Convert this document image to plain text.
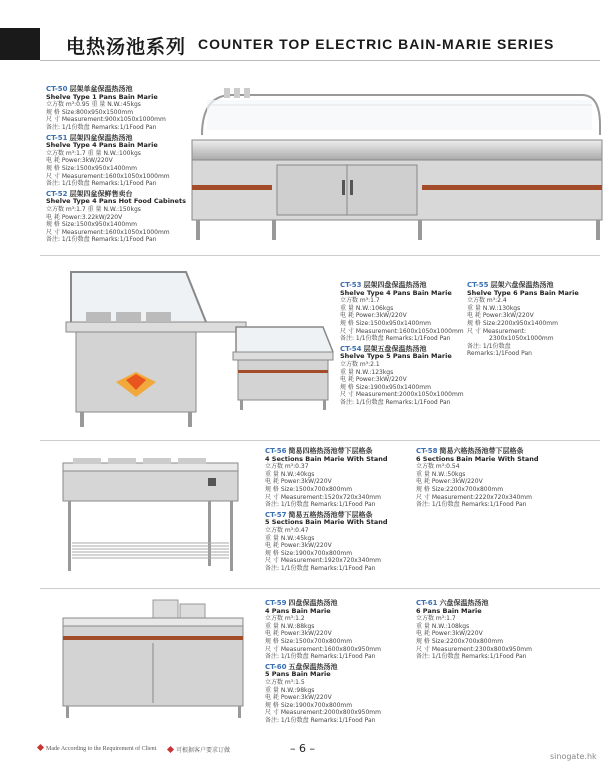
电热汤池系列 COUNTER TOP ELECTRIC BAIN-MARIE SERIES
CT-50 层架单盆保温热汤池
Shelve Type 1 Pans Bain Marie
立方数 m³:0.95 重 量 N.W.:45kgs
规 格 Size:800x950x1500mm
尺 寸 Measurement:900x1050x1000mm
备注: 1/1份数盘 Remarks:1/1Food Pan
CT-51 层架四盆保温热汤池
Shelve Type 4 Pans Bain Marie
立方数 m³:1.7 重 量 N.W.:100kgs
电 耗 Power:3kW/220V
规 格 Size:1500x950x1400mm
尺 寸 Measurement:1600x1050x1000mm
备注: 1/1份数盘 Remarks:1/1Food Pan
CT-52 层架四盆保鲜售卖台
Shelve Type 4 Pans Hot Food Cabinets
立方数 m³:1.7 重 量 N.W.:150kgs
电 耗 Power:3.22kW/220V
规 格 Size:1500x950x1400mm
尺 寸 Measurement:1600x1050x1000mm
备注: 1/1份数盘 Remarks:1/1Food Pan
CT-53 层架四盘保温热汤池
Shelve Type 4 Pans Bain Marie
立方数 m³:1.7
重 量 N.W.:106kgs
电 耗 Power:3kW/220V
规 格 Size:1500x950x1400mm
尺 寸 Measurement:1600x1050x1000mm
备注: 1/1份数盘 Remarks:1/1Food Pan
CT-54 层架五盘保温热汤池
Shelve Type 5 Pans Bain Marie
立方数 m³:2.1
重 量 N.W.:123kgs
电 耗 Power:3kW/220V
规 格 Size:1900x950x1400mm
尺 寸 Measurement:2000x1050x1000mm
备注: 1/1份数盘 Remarks:1/1Food Pan
CT-55 层架六盘保温热汤池
Shelve Type 6 Pans Bain Marie
立方数 m³:2.4
重 量 N.W.:130kgs
电 耗 Power:3kW/220V
规 格 Size:2200x950x1400mm
尺 寸 Measurement:
2300x1050x1000mm
备注: 1/1份数盘
Remarks:1/1Food Pan
CT-56 简易四格热汤池带下层格条
4 Sections Bain Marie With Stand
立方数 m³:0.37
重 量 N.W.:40kgs
电 耗 Power:3kW/220V
规 格 Size:1500x700x800mm
尺 寸 Measurement:1520x720x340mm
备注: 1/1份数盘 Remarks:1/1Food Pan
CT-57 简易五格热汤池带下层格条
5 Sections Bain Marie With Stand
立方数 m³:0.47
重 量 N.W.:45kgs
电 耗 Power:3kW/220V
规 格 Size:1900x700x800mm
尺 寸 Measurement:1920x720x340mm
备注: 1/1份数盘 Remarks:1/1Food Pan
CT-58 简易六格热汤池带下层格条
6 Sections Bain Marie With Stand
立方数 m³:0.54
重 量 N.W.:50kgs
电 耗 Power:3kW/220V
规 格 Size:2200x700x800mm
尺 寸 Measurement:2220x720x340mm
备注: 1/1份数盘 Remarks:1/1Food Pan
CT-59 四盘保温热汤池
4 Pans Bain Marie
立方数 m³:1.2
重 量 N.W.:88kgs
电 耗 Power:3kW/220V
规 格 Size:1500x700x800mm
尺 寸 Measurement:1600x800x950mm
备注: 1/1份数盘 Remarks:1/1Food Pan
CT-60 五盘保温热汤池
5 Pans Bain Marie
立方数 m³:1.5
重 量 N.W.:98kgs
电 耗 Power:3kW/220V
规 格 Size:1900x700x800mm
尺 寸 Measurement:2000x800x950mm
备注: 1/1份数盘 Remarks:1/1Food Pan
CT-61 六盘保温热汤池
6 Pans Bain Marie
立方数 m³:1.7
重 量 N.W.:108kgs
电 耗 Power:3kW/220V
规 格 Size:2200x700x800mm
尺 寸 Measurement:2300x800x950mm
备注: 1/1份数盘 Remarks:1/1Food Pan
Made According to the Requirement of Client	可根据客户要求订做	– 6 –
sinogate.hk
